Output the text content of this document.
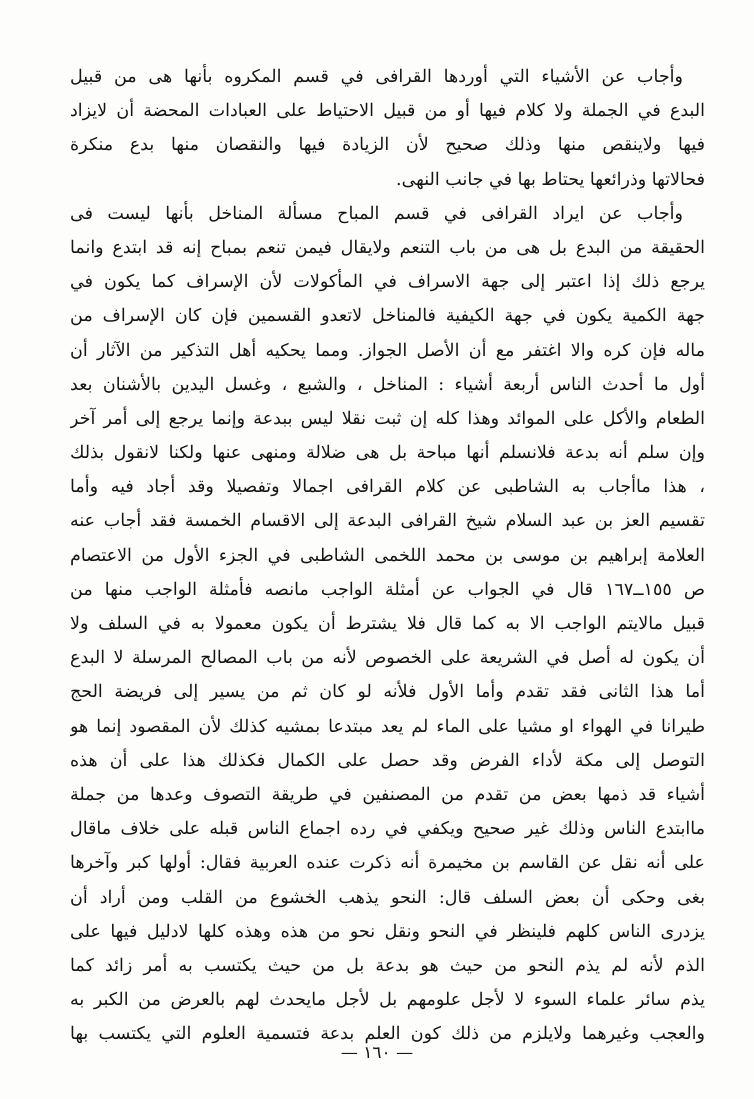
وأجاب عن الأشياء التي أوردها القرافى في قسم المكروه بأنها هى من قبيل
البدع في الجملة ولا كلام فيها أو من قبيل الاحتياط على العبادات المحضة أن لايزاد
فيها ولاينقص منها وذلك صحيح لأن الزيادة فيها والنقصان منها بدع منكرة
فحالاتها وذرائعها يحتاط بها في جانب النهى.
وأجاب عن ايراد القرافى في قسم المباح مسألة المناخل بأنها ليست فى
الحقيقة من البدع بل هى من باب التنعم ولايقال فيمن تنعم بمباح إنه قد ابتدع وانما
يرجع ذلك إذا اعتبر إلى جهة الاسراف في المأكولات لأن الإسراف كما يكون في
جهة الكمية يكون في جهة الكيفية فالمناخل لاتعدو القسمين فإن كان الإسراف من
ماله فإن كره والا اغتفر مع أن الأصل الجواز. ومما يحكيه أهل التذكير من الآثار أن
أول ما أحدث الناس أربعة أشياء : المناخل ، والشبع ، وغسل اليدين بالأشنان بعد
الطعام والأكل على الموائد وهذا كله إن ثبت نقلا ليس ببدعة وإنما يرجع إلى أمر آخر
وإن سلم أنه بدعة فلانسلم أنها مباحة بل هى ضلالة ومنهى عنها ولكنا لانقول بذلك
، هذا ماأجاب به الشاطبى عن كلام القرافى اجمالا وتفصيلا وقد أجاد فيه وأما
تقسيم العز بن عبد السلام شيخ القرافى البدعة إلى الاقسام الخمسة فقد أجاب عنه
العلامة إبراهيم بن موسى بن محمد اللخمى الشاطبى في الجزء الأول من الاعتصام
ص ١٥٥ــ١٦٧ قال في الجواب عن أمثلة الواجب مانصه فأمثلة الواجب منها من
قبيل مالايتم الواجب الا به كما قال فلا يشترط أن يكون معمولا به في السلف ولا
أن يكون له أصل في الشريعة على الخصوص لأنه من باب المصالح المرسلة لا البدع
أما هذا الثانى فقد تقدم وأما الأول فلأنه لو كان ثم من يسير إلى فريضة الحج
طيرانا في الهواء او مشيا على الماء لم يعد مبتدعا بمشيه كذلك لأن المقصود إنما هو
التوصل إلى مكة لأداء الفرض وقد حصل على الكمال فكذلك هذا على أن هذه
أشياء قد ذمها بعض من تقدم من المصنفين في طريقة التصوف وعدها من جملة
ماابتدع الناس وذلك غير صحيح ويكفي في رده اجماع الناس قبله على خلاف ماقال
على أنه نقل عن القاسم بن مخيمرة أنه ذكرت عنده العربية فقال: أولها كبر وآخرها
بغى وحكى أن بعض السلف قال: النحو يذهب الخشوع من القلب ومن أراد أن
يزدرى الناس كلهم فلينظر في النحو ونقل نحو من هذه وهذه كلها لادليل فيها على
الذم لأنه لم يذم النحو من حيث هو بدعة بل من حيث يكتسب به أمر زائد كما
يذم سائر علماء السوء لا لأجل علومهم بل لأجل مايحدث لهم بالعرض من الكبر به
والعجب وغيرهما ولايلزم من ذلك كون العلم بدعة فتسمية العلوم التي يكتسب بها
— ١٦٠ —
